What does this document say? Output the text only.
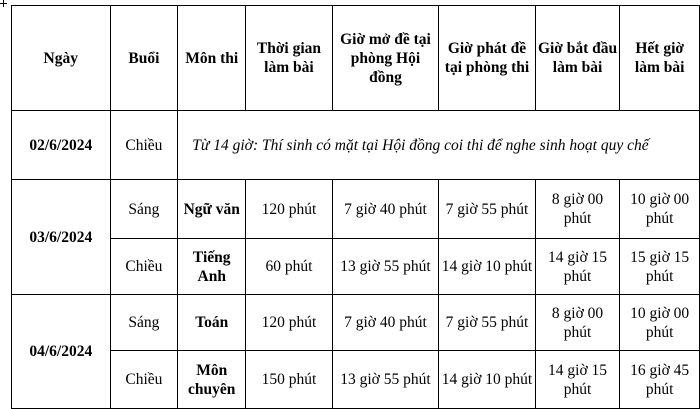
Ngày	Buổi	Môn thi	Thời gian làm bài	Giờ mở đề tại phòng Hội đồng	Giờ phát đề tại phòng thi	Giờ bắt đầu làm bài	Hết giờ làm bài
02/6/2024	Chiều	Từ 14 giờ: Thí sinh có mặt tại Hội đồng coi thi để nghe sinh hoạt quy chế					
03/6/2024	Sáng	Ngữ văn	120 phút	7 giờ 40 phút	7 giờ 55 phút	8 giờ 00 phút	10 giờ 00 phút
	Chiều	Tiếng Anh	60 phút	13 giờ 55 phút	14 giờ 10 phút	14 giờ 15 phút	15 giờ 15 phút
04/6/2024	Sáng	Toán	120 phút	7 giờ 40 phút	7 giờ 55 phút	8 giờ 00 phút	10 giờ 00 phút
	Chiều	Môn chuyên	150 phút	13 giờ 55 phút	14 giờ 10 phút	14 giờ 15 phút	16 giờ 45 phút
